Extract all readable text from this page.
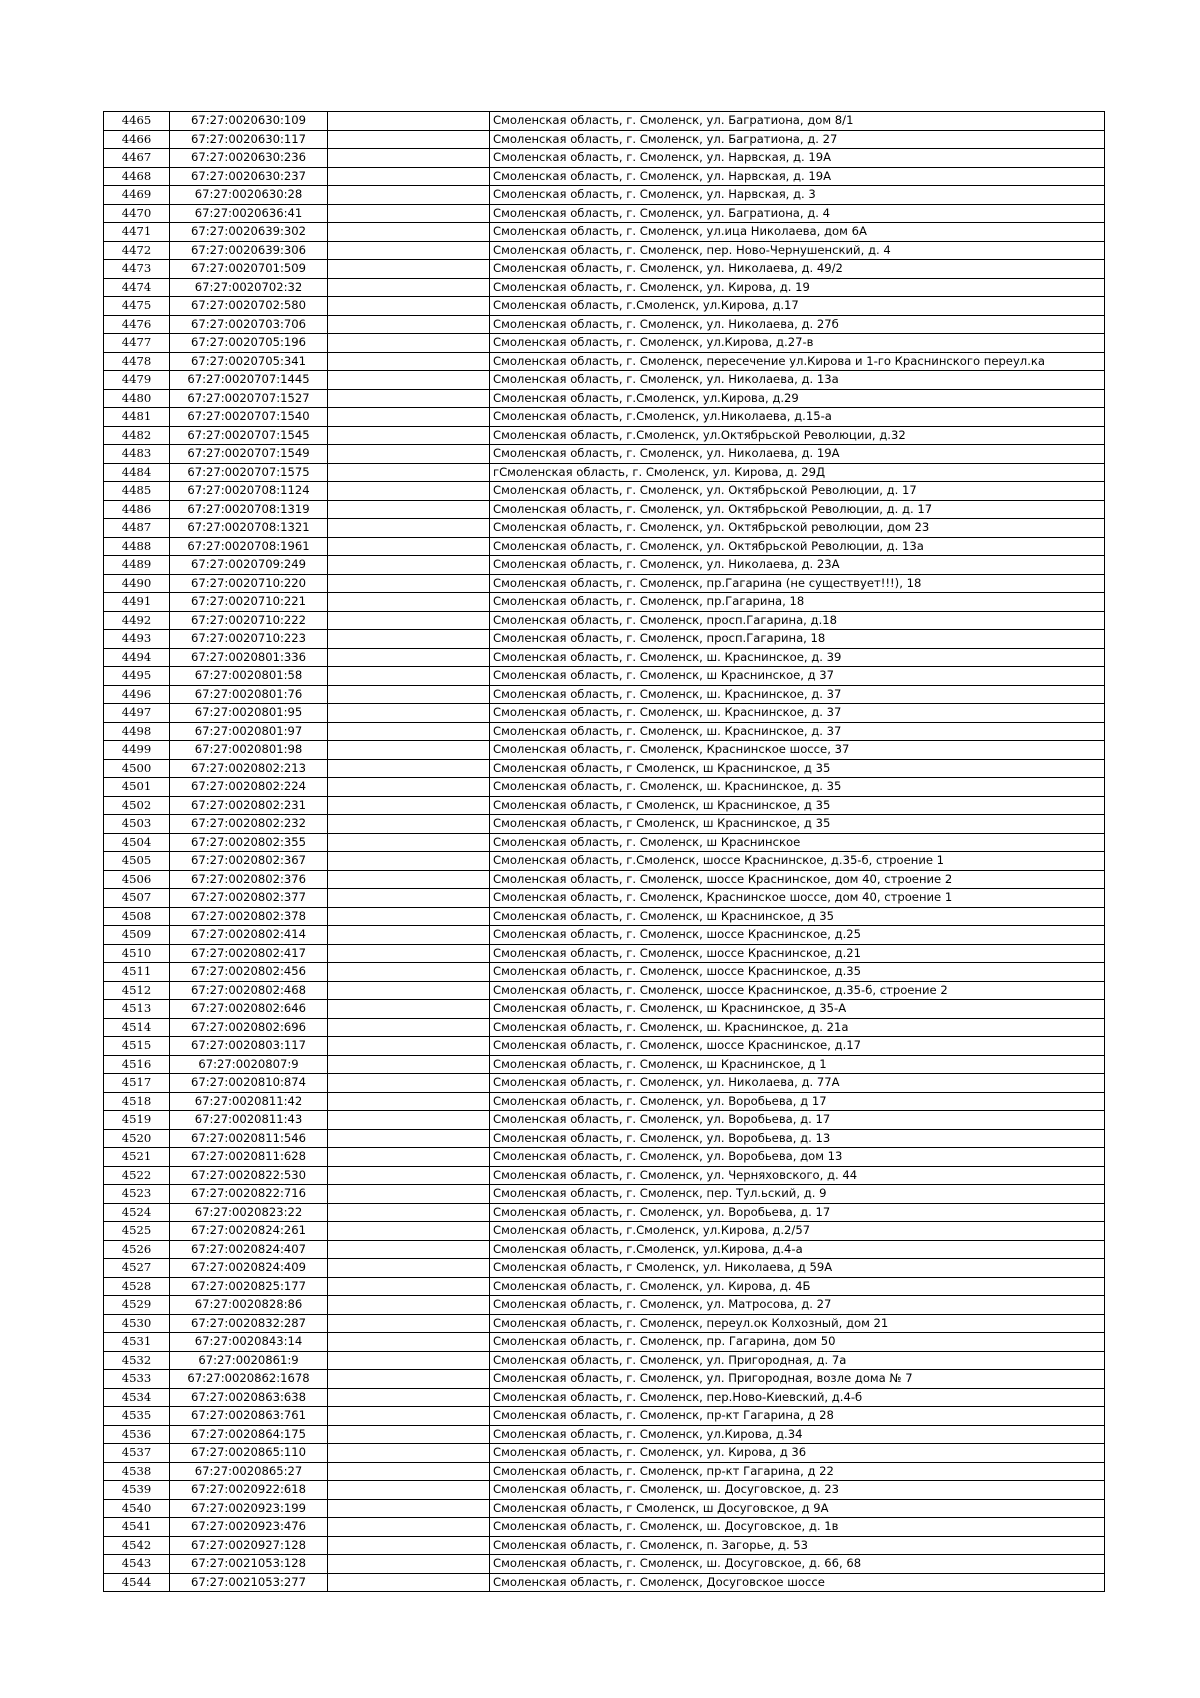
4465	67:27:0020630:109		Смоленская область, г. Смоленск, ул. Багратиона, дом 8/1
4466	67:27:0020630:117		Смоленская область, г. Смоленск, ул. Багратиона, д. 27
4467	67:27:0020630:236		Смоленская область, г. Смоленск, ул. Нарвская, д. 19А
4468	67:27:0020630:237		Смоленская область, г. Смоленск, ул. Нарвская, д. 19А
4469	67:27:0020630:28		Смоленская область, г. Смоленск, ул. Нарвская, д. 3
4470	67:27:0020636:41		Смоленская область, г. Смоленск, ул. Багратиона, д. 4
4471	67:27:0020639:302		Смоленская область, г. Смоленск, ул.ица Николаева, дом 6А
4472	67:27:0020639:306		Смоленская область, г. Смоленск, пер. Ново-Чернушенский, д. 4
4473	67:27:0020701:509		Смоленская область, г. Смоленск, ул. Николаева, д. 49/2
4474	67:27:0020702:32		Смоленская область, г. Смоленск, ул. Кирова, д. 19
4475	67:27:0020702:580		Смоленская область, г.Смоленск, ул.Кирова, д.17
4476	67:27:0020703:706		Смоленская область, г. Смоленск, ул. Николаева, д. 27б
4477	67:27:0020705:196		Смоленская область, г. Смоленск, ул.Кирова, д.27-в
4478	67:27:0020705:341		Смоленская область, г. Смоленск, пересечение ул.Кирова и 1-го Краснинского переул.ка
4479	67:27:0020707:1445		Смоленская область, г. Смоленск, ул. Николаева, д. 13а
4480	67:27:0020707:1527		Смоленская область, г.Смоленск, ул.Кирова, д.29
4481	67:27:0020707:1540		Смоленская область, г.Смоленск, ул.Николаева, д.15-а
4482	67:27:0020707:1545		Смоленская область, г.Смоленск, ул.Октябрьской Революции, д.32
4483	67:27:0020707:1549		Смоленская область, г. Смоленск, ул. Николаева, д. 19А
4484	67:27:0020707:1575		гСмоленская область, г. Смоленск, ул. Кирова, д. 29Д
4485	67:27:0020708:1124		Смоленская область, г. Смоленск, ул. Октябрьской Революции, д. 17
4486	67:27:0020708:1319		Смоленская область, г. Смоленск, ул. Октябрьской Революции, д. д. 17
4487	67:27:0020708:1321		Смоленская область, г. Смоленск, ул. Октябрьской революции, дом 23
4488	67:27:0020708:1961		Смоленская область, г. Смоленск, ул. Октябрьской Революции, д. 13а
4489	67:27:0020709:249		Смоленская область, г. Смоленск, ул. Николаева, д. 23А
4490	67:27:0020710:220		Смоленская область, г. Смоленск, пр.Гагарина (не существует!!!), 18
4491	67:27:0020710:221		Смоленская область, г. Смоленск, пр.Гагарина, 18
4492	67:27:0020710:222		Смоленская область, г. Смоленск, просп.Гагарина, д.18
4493	67:27:0020710:223		Смоленская область, г. Смоленск, просп.Гагарина, 18
4494	67:27:0020801:336		Смоленская область, г. Смоленск, ш. Краснинское, д. 39
4495	67:27:0020801:58		Смоленская область, г. Смоленск, ш Краснинское, д 37
4496	67:27:0020801:76		Смоленская область, г. Смоленск, ш. Краснинское, д. 37
4497	67:27:0020801:95		Смоленская область, г. Смоленск, ш. Краснинское, д. 37
4498	67:27:0020801:97		Смоленская область, г. Смоленск, ш. Краснинское, д. 37
4499	67:27:0020801:98		Смоленская область, г. Смоленск, Краснинское шоссе, 37
4500	67:27:0020802:213		Смоленская область, г Смоленск, ш Краснинское, д 35
4501	67:27:0020802:224		Смоленская область, г. Смоленск, ш. Краснинское, д. 35
4502	67:27:0020802:231		Смоленская область, г Смоленск, ш Краснинское, д 35
4503	67:27:0020802:232		Смоленская область, г Смоленск, ш Краснинское, д 35
4504	67:27:0020802:355		Смоленская область, г. Смоленск, ш Краснинское
4505	67:27:0020802:367		Смоленская область, г.Смоленск, шоссе Краснинское, д.35-б, строение 1
4506	67:27:0020802:376		Смоленская область, г. Смоленск, шоссе Краснинское, дом 40, строение 2
4507	67:27:0020802:377		Смоленская область, г. Смоленск, Краснинское шоссе, дом 40, строение 1
4508	67:27:0020802:378		Смоленская область, г. Смоленск, ш Краснинское, д 35
4509	67:27:0020802:414		Смоленская область, г. Смоленск, шоссе Краснинское, д.25
4510	67:27:0020802:417		Смоленская область, г. Смоленск, шоссе Краснинское, д.21
4511	67:27:0020802:456		Смоленская область, г. Смоленск, шоссе Краснинское, д.35
4512	67:27:0020802:468		Смоленская область, г. Смоленск, шоссе Краснинское, д.35-б, строение 2
4513	67:27:0020802:646		Смоленская область, г. Смоленск, ш Краснинское, д 35-А
4514	67:27:0020802:696		Смоленская область, г. Смоленск, ш. Краснинское, д. 21а
4515	67:27:0020803:117		Смоленская область, г. Смоленск, шоссе Краснинское, д.17
4516	67:27:0020807:9		Смоленская область, г. Смоленск, ш Краснинское, д 1
4517	67:27:0020810:874		Смоленская область, г. Смоленск, ул. Николаева, д. 77А
4518	67:27:0020811:42		Смоленская область, г. Смоленск, ул. Воробьева, д 17
4519	67:27:0020811:43		Смоленская область, г. Смоленск, ул. Воробьева, д. 17
4520	67:27:0020811:546		Смоленская область, г. Смоленск, ул. Воробьева, д. 13
4521	67:27:0020811:628		Смоленская область, г. Смоленск, ул. Воробьева, дом 13
4522	67:27:0020822:530		Смоленская область, г. Смоленск, ул. Черняховского, д. 44
4523	67:27:0020822:716		Смоленская область, г. Смоленск, пер. Тул.ьский, д. 9
4524	67:27:0020823:22		Смоленская область, г. Смоленск, ул. Воробьева, д. 17
4525	67:27:0020824:261		Смоленская область, г.Смоленск, ул.Кирова, д.2/57
4526	67:27:0020824:407		Смоленская область, г.Смоленск, ул.Кирова, д.4-а
4527	67:27:0020824:409		Смоленская область, г Смоленск, ул. Николаева, д 59А
4528	67:27:0020825:177		Смоленская область, г. Смоленск, ул. Кирова, д. 4Б
4529	67:27:0020828:86		Смоленская область, г. Смоленск, ул. Матросова, д. 27
4530	67:27:0020832:287		Смоленская область, г. Смоленск, переул.ок Колхозный, дом 21
4531	67:27:0020843:14		Смоленская область, г. Смоленск, пр. Гагарина, дом 50
4532	67:27:0020861:9		Смоленская область, г. Смоленск, ул. Пригородная, д. 7а
4533	67:27:0020862:1678		Смоленская область, г. Смоленск, ул. Пригородная, возле дома № 7
4534	67:27:0020863:638		Смоленская область, г. Смоленск, пер.Ново-Киевский, д.4-б
4535	67:27:0020863:761		Смоленская область, г. Смоленск, пр-кт Гагарина, д 28
4536	67:27:0020864:175		Смоленская область, г. Смоленск, ул.Кирова, д.34
4537	67:27:0020865:110		Смоленская область, г. Смоленск, ул. Кирова, д 36
4538	67:27:0020865:27		Смоленская область, г. Смоленск, пр-кт Гагарина, д 22
4539	67:27:0020922:618		Смоленская область, г. Смоленск, ш. Досуговское, д. 23
4540	67:27:0020923:199		Смоленская область, г Смоленск, ш Досуговское, д 9А
4541	67:27:0020923:476		Смоленская область, г. Смоленск, ш. Досуговское, д. 1в
4542	67:27:0020927:128		Смоленская область, г. Смоленск, п. Загорье, д. 53
4543	67:27:0021053:128		Смоленская область, г. Смоленск, ш. Досуговское, д. 66, 68
4544	67:27:0021053:277		Смоленская область, г. Смоленск, Досуговское шоссе
